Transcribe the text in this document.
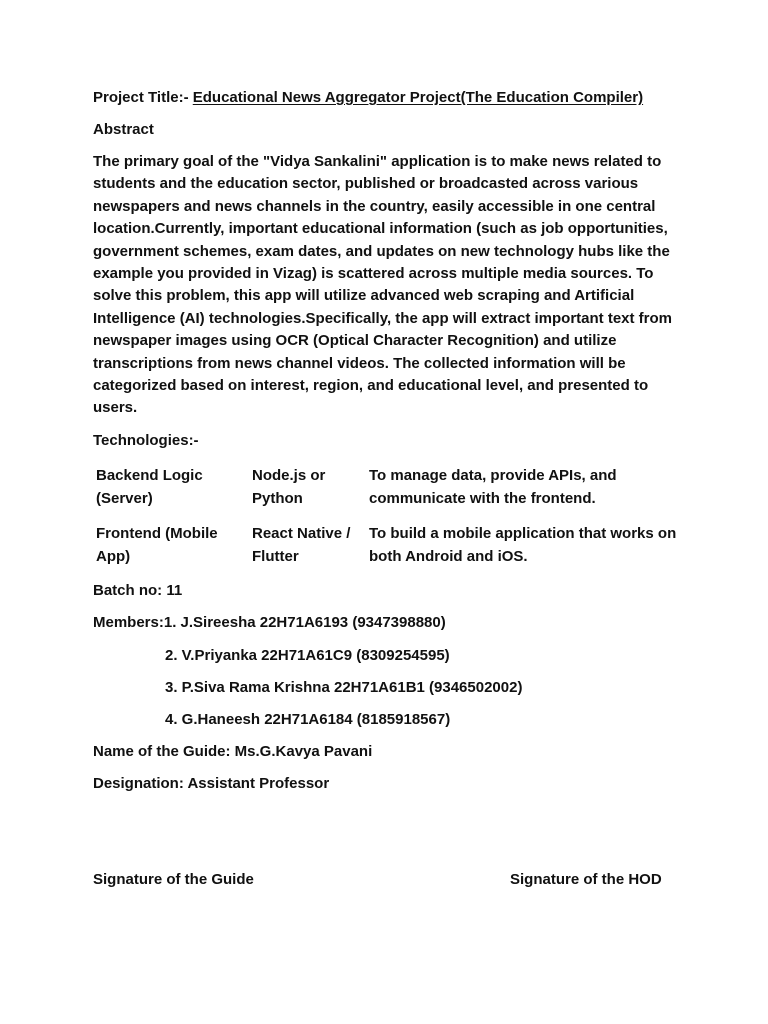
Project Title:- Educational News Aggregator Project(The Education Compiler)
Abstract
The primary goal of the "Vidya Sankalini" application is to make news related to students and the education sector, published or broadcasted across various newspapers and news channels in the country, easily accessible in one central location.Currently, important educational information (such as job opportunities, government schemes, exam dates, and updates on new technology hubs like the example you provided in Vizag) is scattered across multiple media sources. To solve this problem, this app will utilize advanced web scraping and Artificial Intelligence (AI) technologies.Specifically, the app will extract important text from newspaper images using OCR (Optical Character Recognition) and utilize transcriptions from news channel videos. The collected information will be categorized based on interest, region, and educational level, and presented to users.
Technologies:-
Backend Logic (Server)
Node.js or Python
To manage data, provide APIs, and communicate with the frontend.
Frontend (Mobile App)
React Native / Flutter
To build a mobile application that works on both Android and iOS.
Batch no: 11
Members:1. J.Sireesha 22H71A6193 (9347398880)
2. V.Priyanka 22H71A61C9 (8309254595)
3. P.Siva Rama Krishna 22H71A61B1 (9346502002)
4. G.Haneesh 22H71A6184 (8185918567)
Name of the Guide: Ms.G.Kavya Pavani
Designation: Assistant Professor
Signature of the Guide	Signature of the HOD
